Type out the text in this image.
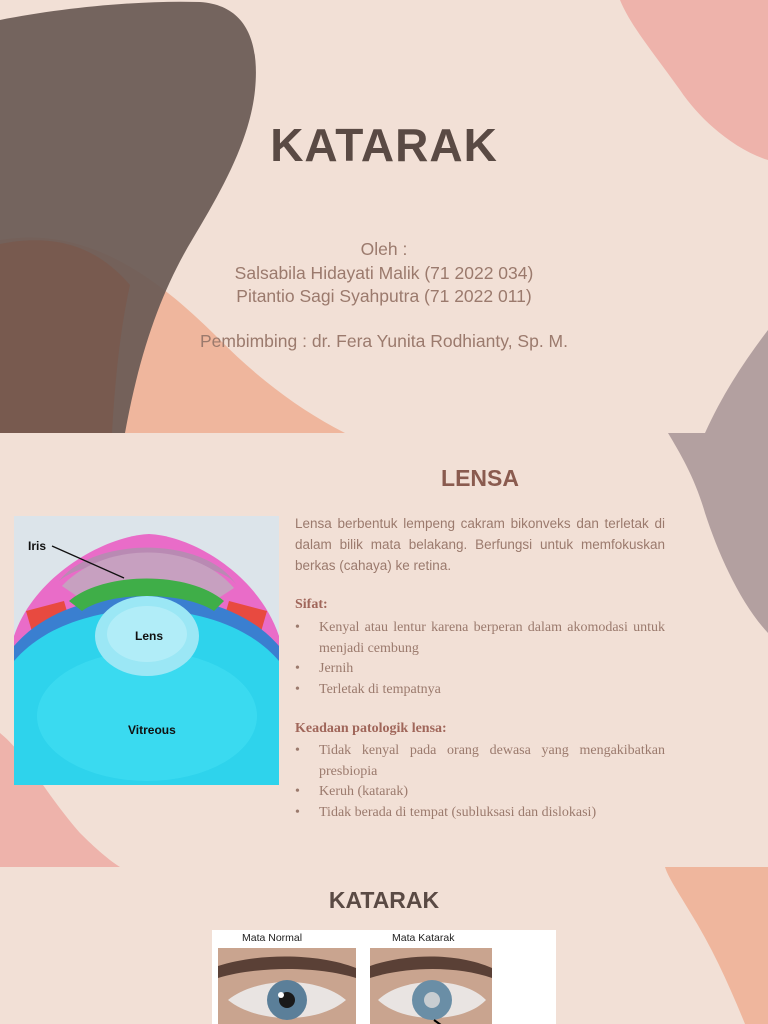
KATARAK
Oleh :
Salsabila Hidayati Malik (71 2022 034)
Pitantio Sagi Syahputra (71 2022 011)
Pembimbing : dr. Fera Yunita Rodhianty, Sp. M.
LENSA
Iris
Lens
Vitreous
Lensa berbentuk lempeng cakram bikonveks dan terletak di dalam bilik mata belakang. Berfungsi untuk memfokuskan berkas (cahaya) ke retina.
Sifat:
• Kenyal atau lentur karena berperan dalam akomodasi untuk menjadi cembung
• Jernih
• Terletak di tempatnya
Keadaan patologik lensa:
• Tidak kenyal pada orang dewasa yang mengakibatkan presbiopia
• Keruh (katarak)
• Tidak berada di tempat (subluksasi dan dislokasi)
KATARAK
Mata Normal	Mata Katarak
